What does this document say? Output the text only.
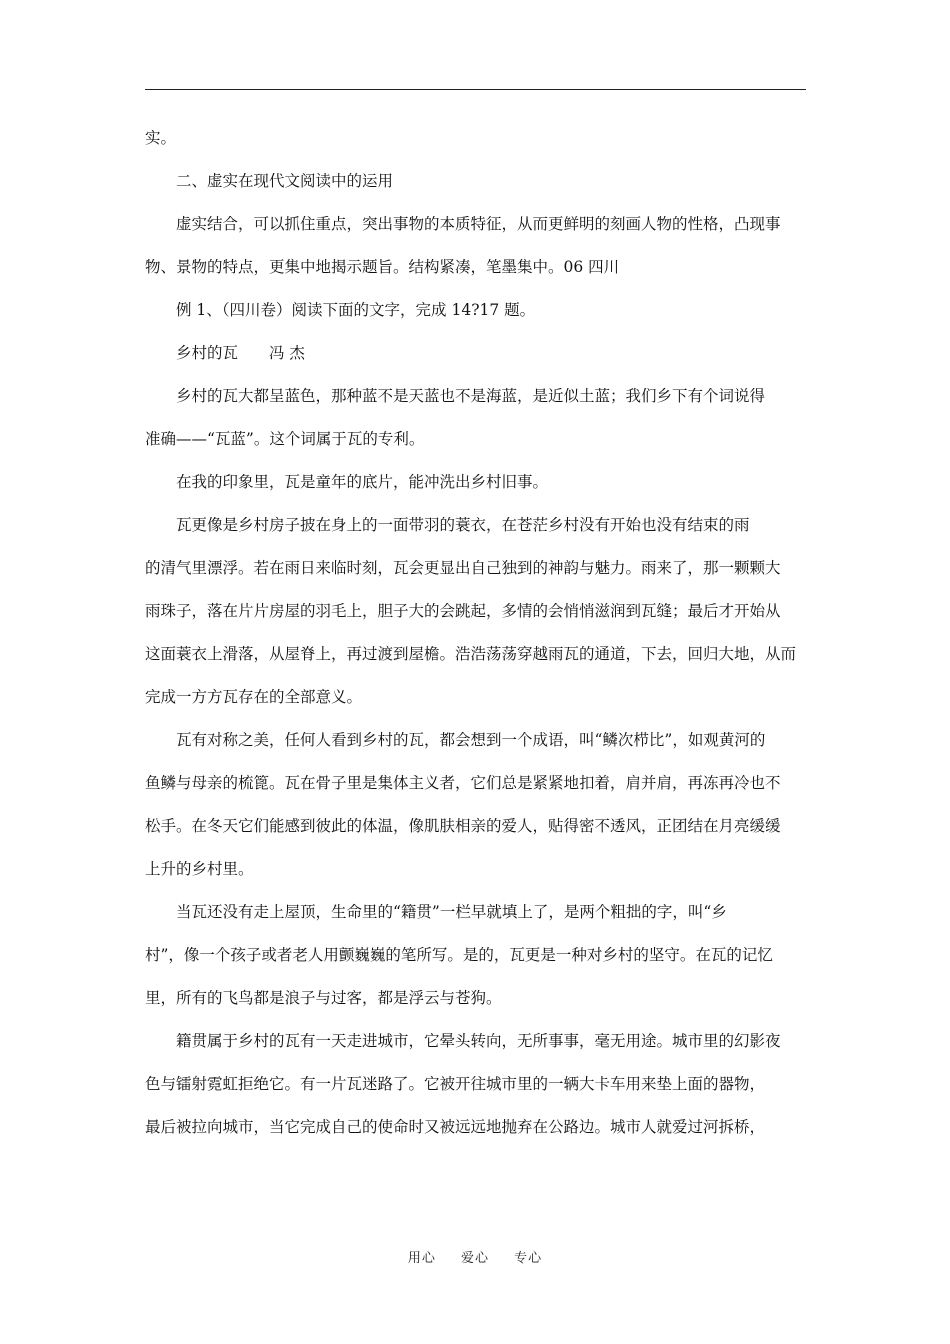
实。
　　二、虚实在现代文阅读中的运用
　　虚实结合，可以抓住重点，突出事物的本质特征，从而更鲜明的刻画人物的性格，凸现事
物、景物的特点，更集中地揭示题旨。结构紧凑，笔墨集中。06 四川
　　例 1、（四川卷）阅读下面的文字，完成 14?17 题。
　　乡村的瓦　　冯 杰
　　乡村的瓦大都呈蓝色，那种蓝不是天蓝也不是海蓝，是近似土蓝；我们乡下有个词说得
准确——“瓦蓝”。这个词属于瓦的专利。
　　在我的印象里，瓦是童年的底片，能冲洗出乡村旧事。
　　瓦更像是乡村房子披在身上的一面带羽的蓑衣，在苍茫乡村没有开始也没有结束的雨
的清气里漂浮。若在雨日来临时刻，瓦会更显出自己独到的神韵与魅力。雨来了，那一颗颗大
雨珠子，落在片片房屋的羽毛上，胆子大的会跳起，多情的会悄悄滋润到瓦缝；最后才开始从
这面蓑衣上滑落，从屋脊上，再过渡到屋檐。浩浩荡荡穿越雨瓦的通道，下去，回归大地，从而
完成一方方瓦存在的全部意义。
　　瓦有对称之美，任何人看到乡村的瓦，都会想到一个成语，叫“鳞次栉比”，如观黄河的
鱼鳞与母亲的梳篦。瓦在骨子里是集体主义者，它们总是紧紧地扣着，肩并肩，再冻再冷也不
松手。在冬天它们能感到彼此的体温，像肌肤相亲的爱人，贴得密不透风，正团结在月亮缓缓
上升的乡村里。
　　当瓦还没有走上屋顶，生命里的“籍贯”一栏早就填上了，是两个粗拙的字，叫“乡
村”，像一个孩子或者老人用颤巍巍的笔所写。是的，瓦更是一种对乡村的坚守。在瓦的记忆
里，所有的飞鸟都是浪子与过客，都是浮云与苍狗。
　　籍贯属于乡村的瓦有一天走进城市，它晕头转向，无所事事，毫无用途。城市里的幻影夜
色与镭射霓虹拒绝它。有一片瓦迷路了。它被开往城市里的一辆大卡车用来垫上面的器物，
最后被拉向城市，当它完成自己的使命时又被远远地抛弃在公路边。城市人就爱过河拆桥，
用心 爱心 专心
